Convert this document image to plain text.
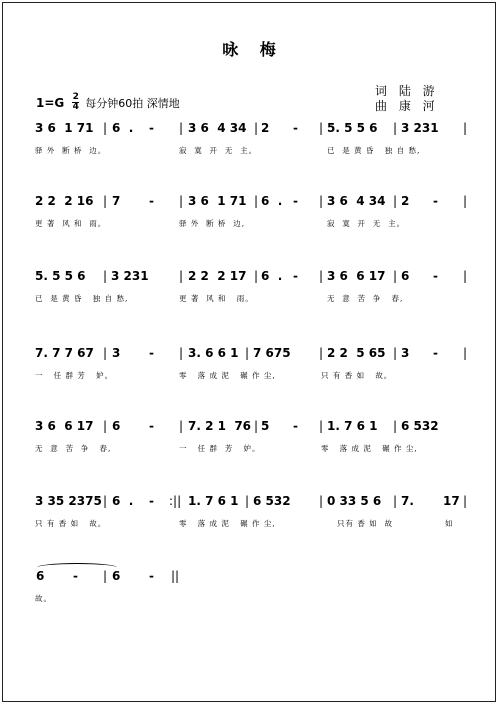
咏 梅
词 陆 游
曲 康 河
$1=G \frac{2}{4}$ 每分钟60拍 深情地
3 6  1 71 | 6  . - | 3 6  4 34 | 2 - | 5. 5 5 6 | 3 231 |
驿 外  断 桥  边。	寂  寞  开  无  主。	已  是 黄 昏   独 自 愁,
2 2  2 16 | 7 - | 3 6  1 71 | 6  . - | 3 6  4 34 | 2 - |
更 著  风 和  雨。	驿 外  断 桥  边,	寂  寞  开  无  主。
5. 5 5 6 | 3 231	| 2 2  2 17 | 6  . - | 3 6  6 17 | 6 - |
已  是 黄 昏   独 自 愁,	更 著  风 和   雨。	无  意  苦  争   春,
7. 7 7 67 | 3 - | 3. 6 6 1 | 7 675 | 2 2  5 65 | 3 - |
一   任 群 芳   妒。	零   落 成 泥   碾 作 尘,	只 有 香 如   故。
3 6  6 17 | 6 - | 7. 2 1  76 | 5 - | 1. 7 6 1 | 6 532
无  意  苦  争   春,	一   任 群  芳   妒。	零   落 成 泥   碾 作 尘,
3 35 2375 | 6  . - :|| 1. 7 6 1 | 6 532 | 0 33 5 6 | 7. 17 |
只 有 香 如   故。	零   落 成 泥   碾 作 尘,	只有 香 如  故	如
6 - | 6 - ||
故。
